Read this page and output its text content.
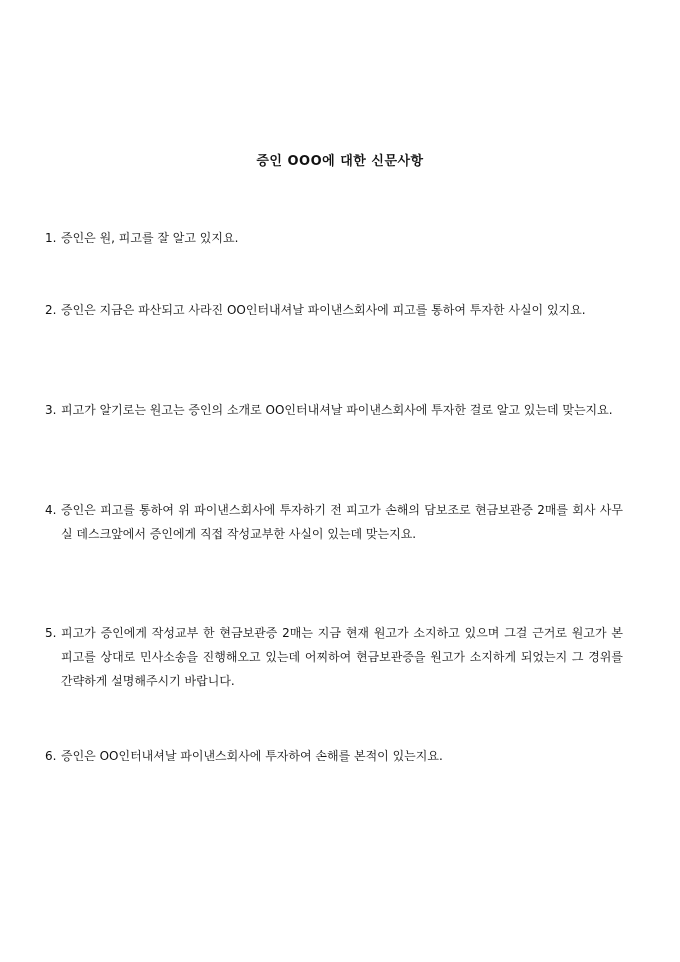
증인 OOO에 대한 신문사항

1. 증인은 원, 피고를 잘 알고 있지요.

2. 증인은 지금은 파산되고 사라진 OO인터내셔날 파이낸스회사에 피고를 통하여 투자한 사실이 있지요.

3. 피고가 알기로는 원고는 증인의 소개로 OO인터내셔날 파이낸스회사에 투자한 걸로 알고 있는데 맞는지요.

4. 증인은 피고를 통하여 위 파이낸스회사에 투자하기 전 피고가 손해의 담보조로 현금보관증 2매를 회사 사무실 데스크앞에서 증인에게 직접 작성교부한 사실이 있는데 맞는지요.

5. 피고가 증인에게 작성교부 한 현금보관증 2매는 지금 현재 원고가 소지하고 있으며 그걸 근거로 원고가 본 피고를 상대로 민사소송을 진행해오고 있는데 어찌하여 현금보관증을 원고가 소지하게 되었는지 그 경위를 간략하게 설명해주시기 바랍니다.

6. 증인은 OO인터내셔날 파이낸스회사에 투자하여 손해를 본적이 있는지요.
